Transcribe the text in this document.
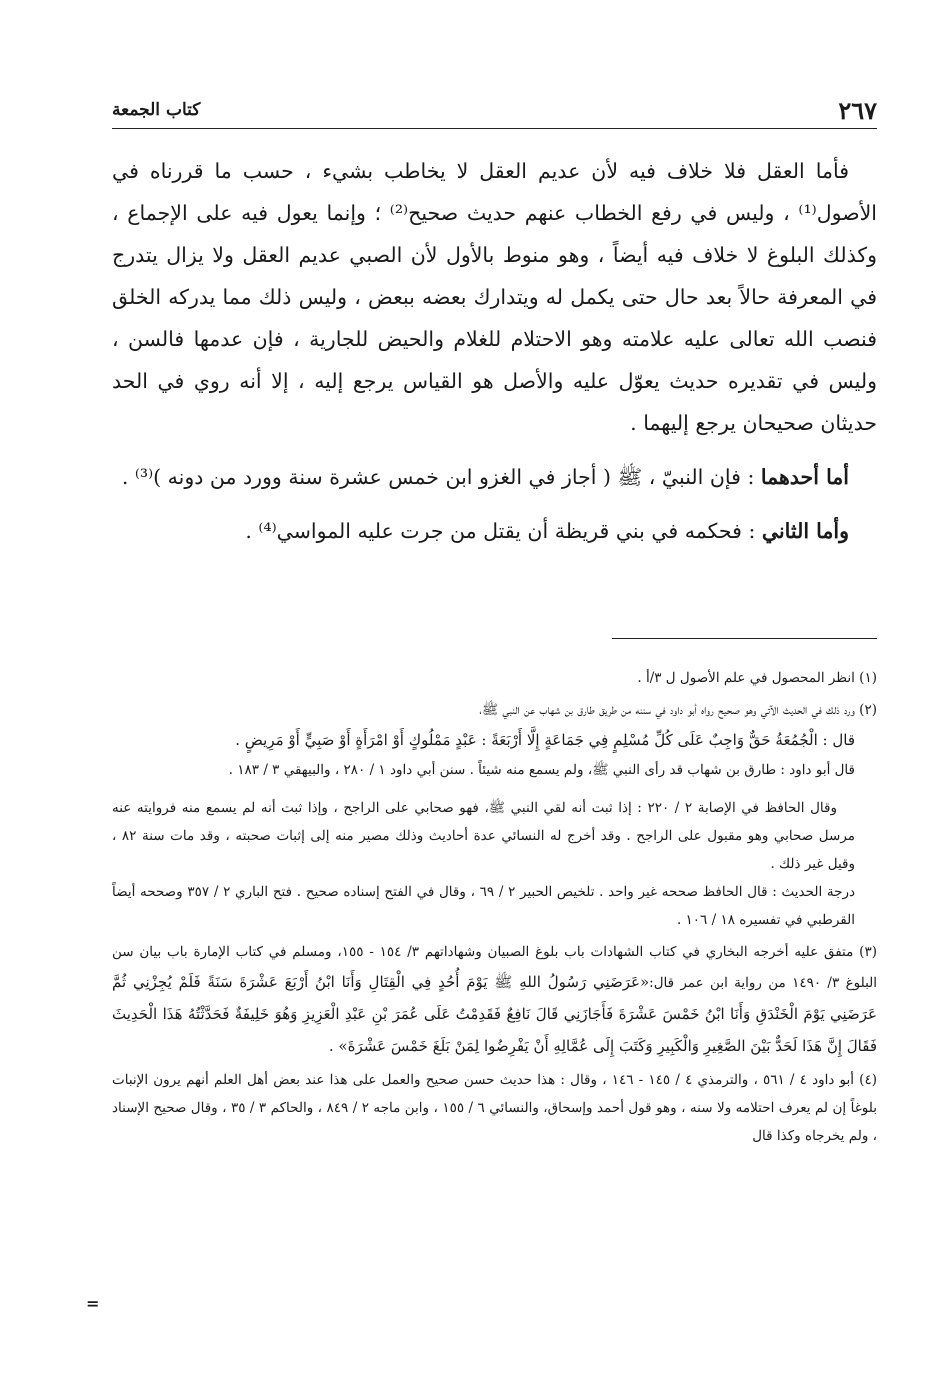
٢٦٧
كتاب الجمعة

فأما العقل فلا خلاف فيه لأن عديم العقل لا يخاطب بشيء ، حسب ما قررناه في الأصول⁽¹⁾ ، وليس في رفع الخطاب عنهم حديث صحيح⁽²⁾ ؛ وإنما يعول فيه على الإجماع ، وكذلك البلوغ لا خلاف فيه أيضاً ، وهو منوط بالأول لأن الصبي عديم العقل ولا يزال يتدرج في المعرفة حالاً بعد حال حتى يكمل له ويتدارك بعضه ببعض ، وليس ذلك مما يدركه الخلق فنصب الله تعالى عليه علامته وهو الاحتلام للغلام والحيض للجارية ، فإن عدمها فالسن ، وليس في تقديره حديث يعوّل عليه والأصل هو القياس يرجع إليه ، إلا أنه روي في الحد حديثان صحيحان يرجع إليهما .

أما أحدهما : فإن النبيّ ، ﷺ ( أجاز في الغزو ابن خمس عشرة سنة وورد من دونه )⁽³⁾ .

وأما الثاني : فحكمه في بني قريظة أن يقتل من جرت عليه المواسي⁽⁴⁾ .

(١) انظر المحصول في علم الأصول ل ٣/أ .

(٢) ورد ذلك في الحديث الآتي وهو صحيح رواه أبو داود في سننه من طريق طارق بن شهاب عن النبي ﷺ،

قال : الْجُمُعَةُ حَقٌّ وَاجِبٌ عَلَى كُلِّ مُسْلِمٍ فِي جَمَاعَةٍ إِلَّا أَرْبَعَةً : عَبْدٍ مَمْلُوكٍ أَوْ امْرَأَةٍ أَوْ صَبِيٍّ أَوْ مَرِيضٍ .

قال أبو داود : طارق بن شهاب قد رأى النبي ﷺ، ولم يسمع منه شيئاً . سنن أبي داود ١ / ٢٨٠ ، والبيهقي ٣ / ١٨٣ .

وقال الحافظ في الإصابة ٢ / ٢٢٠ : إذا ثبت أنه لقي النبي ﷺ، فهو صحابي على الراجح ، وإذا ثبت أنه لم يسمع منه فروايته عنه مرسل صحابي وهو مقبول على الراجح . وقد أخرج له النسائي عدة أحاديث وذلك مصير منه إلى إثبات صحبته ، وقد مات سنة ٨٢ ، وقيل غير ذلك .

درجة الحديث : قال الحافظ صححه غير واحد . تلخيص الحبير ٢ / ٦٩ ، وقال في الفتح إسناده صحيح . فتح الباري ٢ / ٣٥٧ وصححه أيضاً القرطبي في تفسيره ١٨ / ١٠٦ .

(٣) متفق عليه أخرجه البخاري في كتاب الشهادات باب بلوغ الصبيان وشهاداتهم ٣/ ١٥٤ - ١٥٥، ومسلم في كتاب الإمارة باب بيان سن البلوغ ٣/ ١٤٩٠ من رواية ابن عمر قال:«عَرَضَنِي رَسُولُ اللهِ ﷺ يَوْمَ أُحُدٍ فِي الْقِتَالِ وَأَنَا ابْنُ أَرْبَعَ عَشْرَةَ سَنَةً فَلَمْ يُجِزْنِي ثُمَّ عَرَضَنِي يَوْمَ الْخَنْدَقِ وَأَنَا ابْنُ خَمْسَ عَشْرَةَ فَأَجَازَنِي قَالَ نَافِعٌ فَقَدِمْتُ عَلَى عُمَرَ بْنِ عَبْدِ الْعَزِيزِ وَهُوَ خَلِيفَةٌ فَحَدَّثْتُهُ هَذَا الْحَدِيثَ فَقَالَ إِنَّ هَذَا لَحَدٌّ بَيْنَ الصَّغِيرِ وَالْكَبِيرِ وَكَتَبَ إِلَى عُمَّالِهِ أَنْ يَفْرِضُوا لِمَنْ بَلَغَ خَمْسَ عَشْرَةَ» .

(٤) أبو داود ٤ / ٥٦١ ، والترمذي ٤ / ١٤٥ - ١٤٦ ، وقال : هذا حديث حسن صحيح والعمل على هذا عند بعض أهل العلم أنهم يرون الإنبات بلوغاً إن لم يعرف احتلامه ولا سنه ، وهو قول أحمد وإسحاق، والنسائي ٦ / ١٥٥ ، وابن ماجه ٢ / ٨٤٩ ، والحاكم ٣ / ٣٥ ، وقال صحيح الإسناد ، ولم يخرجاه وكذا قال

=
